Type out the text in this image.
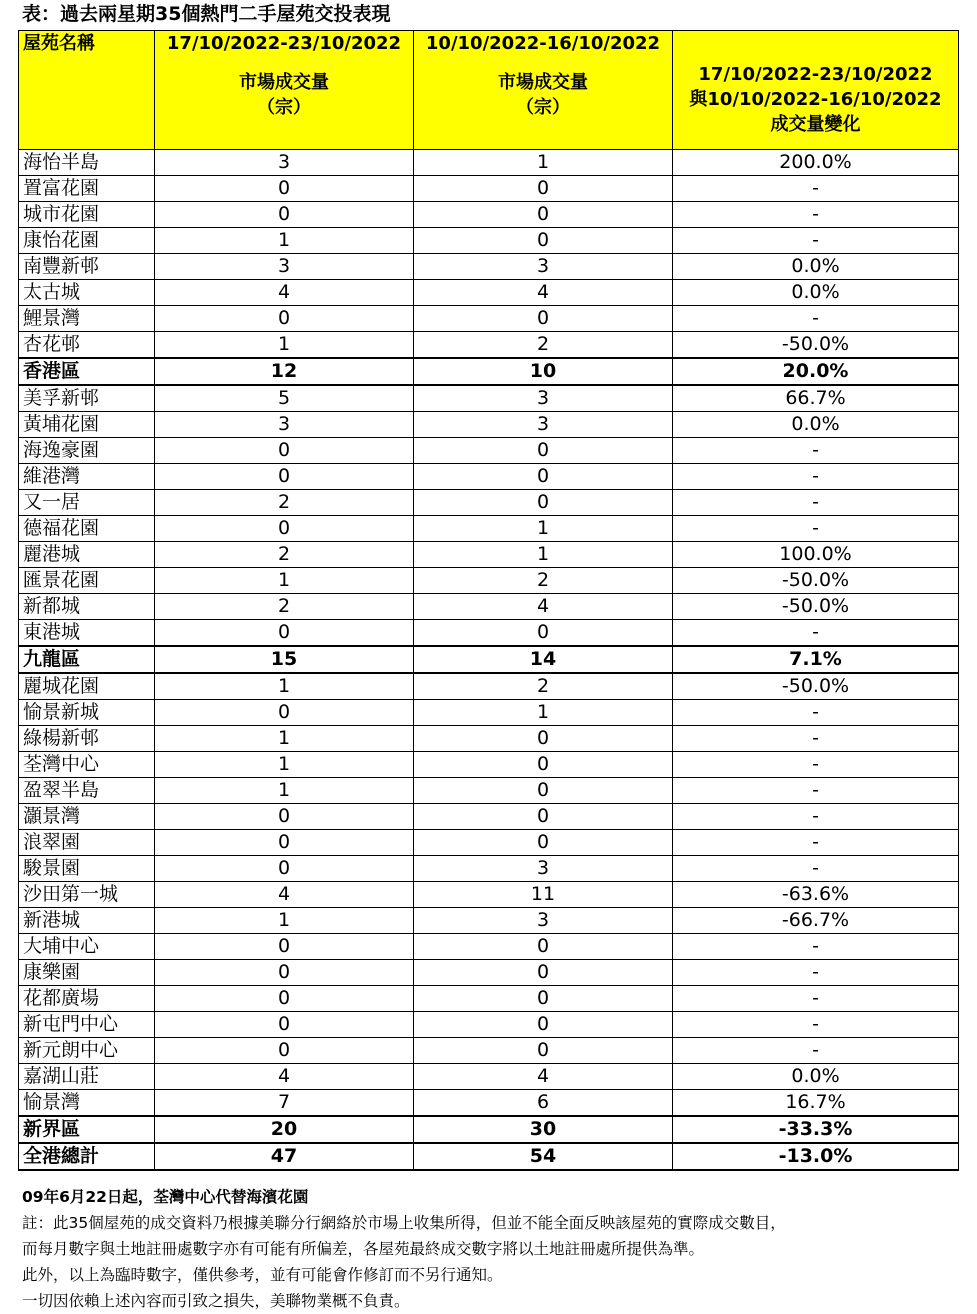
表：過去兩星期35個熱門二手屋苑交投表現
屋苑名稱	17/10/2022-23/10/2022
市場成交量
（宗）	10/10/2022-16/10/2022
市場成交量
（宗）	17/10/2022-23/10/2022
與10/10/2022-16/10/2022
成交量變化

海怡半島	3	1	200.0%
置富花園	0	0	-
城市花園	0	0	-
康怡花園	1	0	-
南豐新邨	3	3	0.0%
太古城	4	4	0.0%
鯉景灣	0	0	-
杏花邨	1	2	-50.0%
香港區	12	10	20.0%
美孚新邨	5	3	66.7%
黃埔花園	3	3	0.0%
海逸豪園	0	0	-
維港灣	0	0	-
又一居	2	0	-
德福花園	0	1	-
麗港城	2	1	100.0%
匯景花園	1	2	-50.0%
新都城	2	4	-50.0%
東港城	0	0	-
九龍區	15	14	7.1%
麗城花園	1	2	-50.0%
愉景新城	0	1	-
綠楊新邨	1	0	-
荃灣中心	1	0	-
盈翠半島	1	0	-
灝景灣	0	0	-
浪翠園	0	0	-
駿景園	0	3	-
沙田第一城	4	11	-63.6%
新港城	1	3	-66.7%
大埔中心	0	0	-
康樂園	0	0	-
花都廣場	0	0	-
新屯門中心	0	0	-
新元朗中心	0	0	-
嘉湖山莊	4	4	0.0%
愉景灣	7	6	16.7%
新界區	20	30	-33.3%
全港總計	47	54	-13.0%
09年6月22日起，荃灣中心代替海濱花園
註：此35個屋苑的成交資料乃根據美聯分行網絡於市場上收集所得，但並不能全面反映該屋苑的實際成交數目，
而每月數字與土地註冊處數字亦有可能有所偏差，各屋苑最終成交數字將以土地註冊處所提供為準。
此外，以上為臨時數字，僅供參考，並有可能會作修訂而不另行通知。
一切因依賴上述內容而引致之損失，美聯物業概不負責。
